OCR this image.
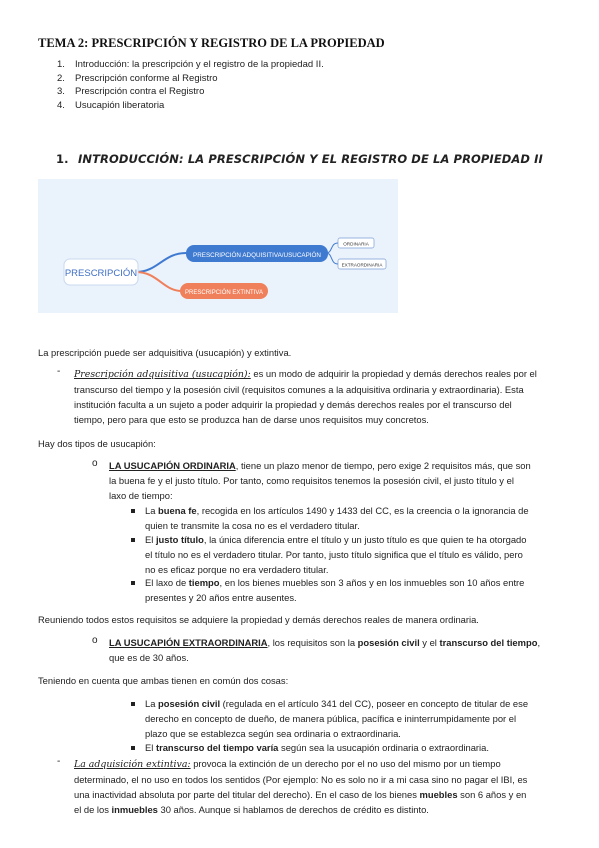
TEMA 2: PRESCRIPCIÓN Y REGISTRO DE LA PROPIEDAD
1.	Introducción: la prescripción y el registro de la propiedad II.
2.	Prescripción conforme al Registro
3.	Prescripción contra el Registro
4.	Usucapión liberatoria
1. INTRODUCCIÓN: LA PRESCRIPCIÓN Y EL REGISTRO DE LA PROPIEDAD II
PRESCRIPCIÓN
PRESCRIPCIÓN ADQUISITIVA/USUCAPIÓN
PRESCRIPCIÓN EXTINTIVA
ORDINARIA
EXTRAORDINARIA
La prescripción puede ser adquisitiva (usucapión) y extintiva.
- Prescripción adquisitiva (usucapión): es un modo de adquirir la propiedad y demás derechos reales por el
transcurso del tiempo y la posesión civil (requisitos comunes a la adquisitiva ordinaria y extraordinaria). Esta
institución faculta a un sujeto a poder adquirir la propiedad y demás derechos reales por el transcurso del
tiempo, pero para que esto se produzca han de darse unos requisitos muy concretos.
Hay dos tipos de usucapión:
o LA USUCAPIÓN ORDINARIA, tiene un plazo menor de tiempo, pero exige 2 requisitos más, que son
la buena fe y el justo título. Por tanto, como requisitos tenemos la posesión civil, el justo título y el
laxo de tiempo:
La buena fe, recogida en los artículos 1490 y 1433 del CC, es la creencia o la ignorancia de
quien te transmite la cosa no es el verdadero titular.
El justo título, la única diferencia entre el título y un justo título es que quien te ha otorgado
el título no es el verdadero titular. Por tanto, justo título significa que el título es válido, pero
no es eficaz porque no era verdadero titular.
El laxo de tiempo, en los bienes muebles son 3 años y en los inmuebles son 10 años entre
presentes y 20 años entre ausentes.
Reuniendo todos estos requisitos se adquiere la propiedad y demás derechos reales de manera ordinaria.
o LA USUCAPIÓN EXTRAORDINARIA, los requisitos son la posesión civil y el transcurso del tiempo,
que es de 30 años.
Teniendo en cuenta que ambas tienen en común dos cosas:
La posesión civil (regulada en el artículo 341 del CC), poseer en concepto de titular de ese
derecho en concepto de dueño, de manera pública, pacífica e ininterrumpidamente por el
plazo que se establezca según sea ordinaria o extraordinaria.
El transcurso del tiempo varía según sea la usucapión ordinaria o extraordinaria.
- La adquisición extintiva: provoca la extinción de un derecho por el no uso del mismo por un tiempo
determinado, el no uso en todos los sentidos (Por ejemplo: No es solo no ir a mi casa sino no pagar el IBI, es
una inactividad absoluta por parte del titular del derecho). En el caso de los bienes muebles son 6 años y en
el de los inmuebles 30 años. Aunque si hablamos de derechos de crédito es distinto.
